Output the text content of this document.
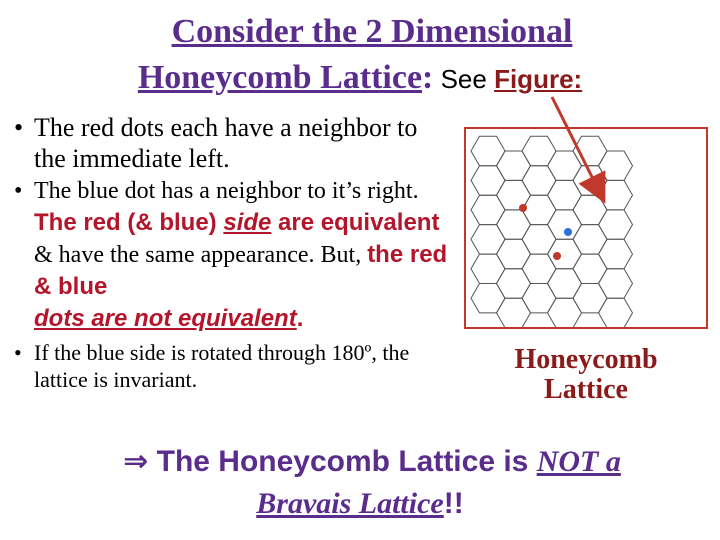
Consider the 2 Dimensional
Honeycomb Lattice: See Figure:
• The red dots each have a neighbor to the immediate left.
• The blue dot has a neighbor to it’s right. The red (& blue) side are equivalent & have the same appearance. But, the red & blue
dots are not equivalent.
• If the blue side is rotated through 180º, the lattice is invariant.
Honeycomb
Lattice
⇒ The Honeycomb Lattice is NOT a
Bravais Lattice!!
